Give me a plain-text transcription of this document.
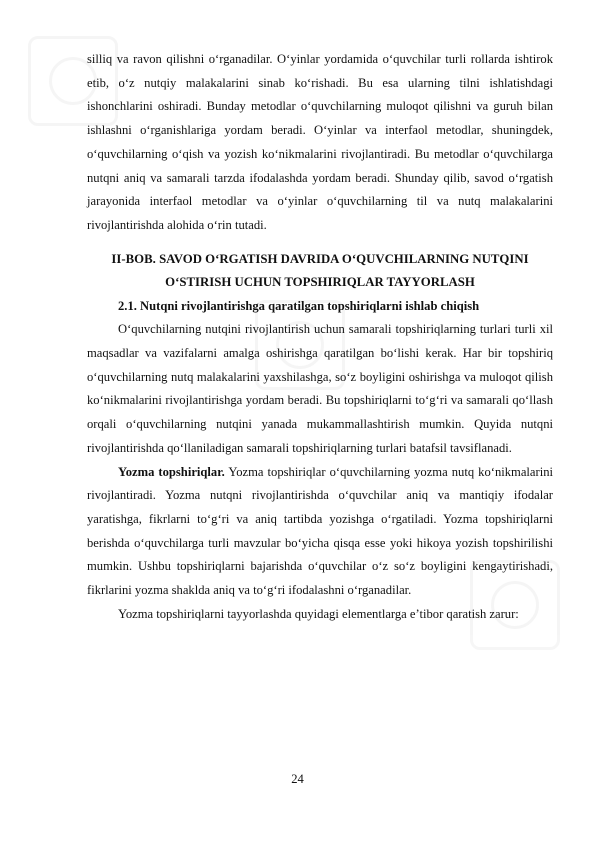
silliq va ravon qilishni o‘rganadilar. O‘yinlar yordamida o‘quvchilar turli rollarda ishtirok etib, o‘z nutqiy malakalarini sinab ko‘rishadi. Bu esa ularning tilni ishlatishdagi ishonchlarini oshiradi. Bunday metodlar o‘quvchilarning muloqot qilishni va guruh bilan ishlashni o‘rganishlariga yordam beradi. O‘yinlar va interfaol metodlar, shuningdek, o‘quvchilarning o‘qish va yozish ko‘nikmalarini rivojlantiradi. Bu metodlar o‘quvchilarga nutqni aniq va samarali tarzda ifodalashda yordam beradi. Shunday qilib, savod o‘rgatish jarayonida interfaol metodlar va o‘yinlar o‘quvchilarning til va nutq malakalarini rivojlantirishda alohida o‘rin tutadi.

II-BOB. SAVOD O‘RGATISH DAVRIDA O‘QUVCHILARNING NUTQINI O‘STIRISH UCHUN TOPSHIRIQLAR TAYYORLASH

2.1. Nutqni rivojlantirishga qaratilgan topshiriqlarni ishlab chiqish

O‘quvchilarning nutqini rivojlantirish uchun samarali topshiriqlarning turlari turli xil maqsadlar va vazifalarni amalga oshirishga qaratilgan bo‘lishi kerak. Har bir topshiriq o‘quvchilarning nutq malakalarini yaxshilashga, so‘z boyligini oshirishga va muloqot qilish ko‘nikmalarini rivojlantirishga yordam beradi. Bu topshiriqlarni to‘g‘ri va samarali qo‘llash orqali o‘quvchilarning nutqini yanada mukammallashtirish mumkin. Quyida nutqni rivojlantirishda qo‘llaniladigan samarali topshiriqlarning turlari batafsil tavsiflanadi.

Yozma topshiriqlar. Yozma topshiriqlar o‘quvchilarning yozma nutq ko‘nikmalarini rivojlantiradi. Yozma nutqni rivojlantirishda o‘quvchilar aniq va mantiqiy ifodalar yaratishga, fikrlarni to‘g‘ri va aniq tartibda yozishga o‘rgatiladi. Yozma topshiriqlarni berishda o‘quvchilarga turli mavzular bo‘yicha qisqa esse yoki hikoya yozish topshirilishi mumkin. Ushbu topshiriqlarni bajarishda o‘quvchilar o‘z so‘z boyligini kengaytirishadi, fikrlarini yozma shaklda aniq va to‘g‘ri ifodalashni o‘rganadilar.

Yozma topshiriqlarni tayyorlashda quyidagi elementlarga e’tibor qaratish zarur:

24
